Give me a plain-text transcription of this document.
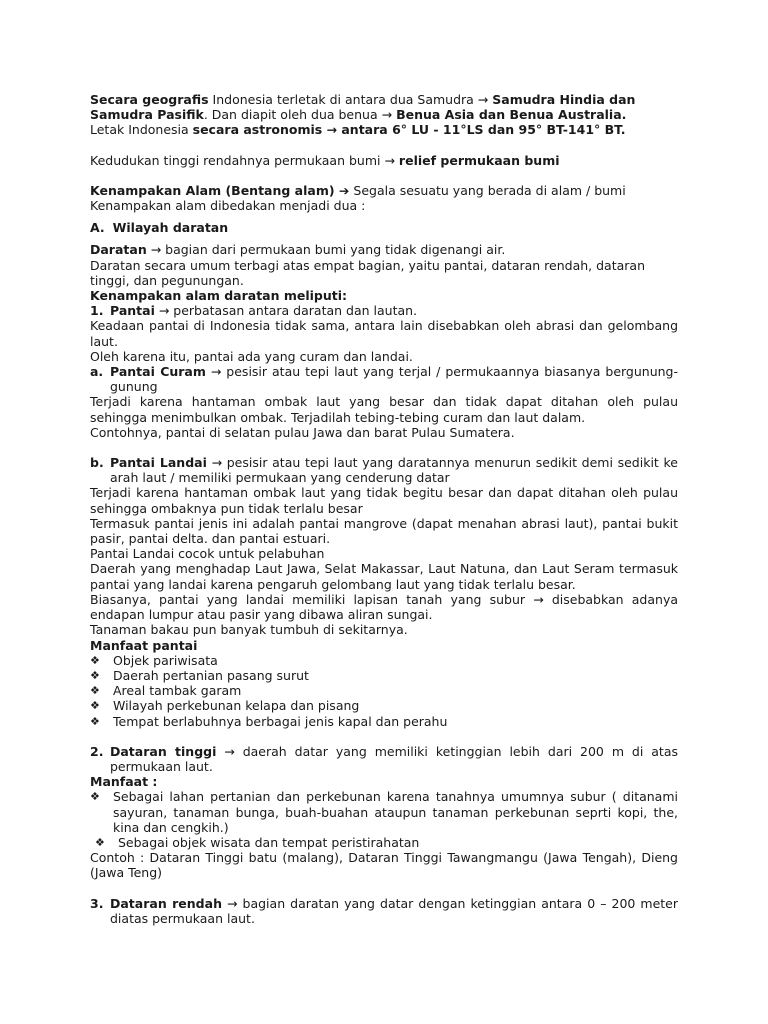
Secara geografis Indonesia terletak di antara dua Samudra → Samudra Hindia dan Samudra Pasifik. Dan diapit oleh dua benua → Benua Asia dan Benua Australia.

Letak Indonesia secara astronomis → antara 6° LU - 11°LS dan 95° BT-141° BT.

Kedudukan tinggi rendahnya permukaan bumi → relief permukaan bumi

Kenampakan Alam (Bentang alam) ➔ Segala sesuatu yang berada di alam / bumi

Kenampakan alam dibedakan menjadi dua :

A. Wilayah daratan

Daratan → bagian dari permukaan bumi yang tidak digenangi air.

Daratan secara umum terbagi atas empat bagian, yaitu pantai, dataran rendah, dataran tinggi, dan pegunungan.

Kenampakan alam daratan meliputi:

1. Pantai → perbatasan antara daratan dan lautan.

Keadaan pantai di Indonesia tidak sama, antara lain disebabkan oleh abrasi dan gelombang laut.

Oleh karena itu, pantai ada yang curam dan landai.

a. Pantai Curam → pesisir atau tepi laut yang terjal / permukaannya biasanya bergunung-gunung

Terjadi karena hantaman ombak laut yang besar dan tidak dapat ditahan oleh pulau sehingga menimbulkan ombak. Terjadilah tebing-tebing curam dan laut dalam.

Contohnya, pantai di selatan pulau Jawa dan barat Pulau Sumatera.

b. Pantai Landai → pesisir atau tepi laut yang daratannya menurun sedikit demi sedikit ke arah laut / memiliki permukaan yang cenderung datar

Terjadi karena hantaman ombak laut yang tidak begitu besar dan dapat ditahan oleh pulau sehingga ombaknya pun tidak terlalu besar

Termasuk pantai jenis ini adalah pantai mangrove (dapat menahan abrasi laut), pantai bukit pasir, pantai delta. dan pantai estuari.

Pantai Landai cocok untuk pelabuhan

Daerah yang menghadap Laut Jawa, Selat Makassar, Laut Natuna, dan Laut Seram termasuk pantai yang landai karena pengaruh gelombang laut yang tidak terlalu besar.

Biasanya, pantai yang landai memiliki lapisan tanah yang subur → disebabkan adanya endapan lumpur atau pasir yang dibawa aliran sungai.

Tanaman bakau pun banyak tumbuh di sekitarnya.

Manfaat pantai

❖ Objek pariwisata
❖ Daerah pertanian pasang surut
❖ Areal tambak garam
❖ Wilayah perkebunan kelapa dan pisang
❖ Tempat berlabuhnya berbagai jenis kapal dan perahu

2. Dataran tinggi → daerah datar yang memiliki ketinggian lebih dari 200 m di atas permukaan laut.

Manfaat :

❖ Sebagai lahan pertanian dan perkebunan karena tanahnya umumnya subur ( ditanami sayuran, tanaman bunga, buah-buahan ataupun tanaman perkebunan seprti kopi, the, kina dan cengkih.)
❖ Sebagai objek wisata dan tempat peristirahatan

Contoh : Dataran Tinggi batu (malang), Dataran Tinggi Tawangmangu (Jawa Tengah), Dieng (Jawa Teng)

3. Dataran rendah → bagian daratan yang datar dengan ketinggian antara 0 – 200 meter diatas permukaan laut.
